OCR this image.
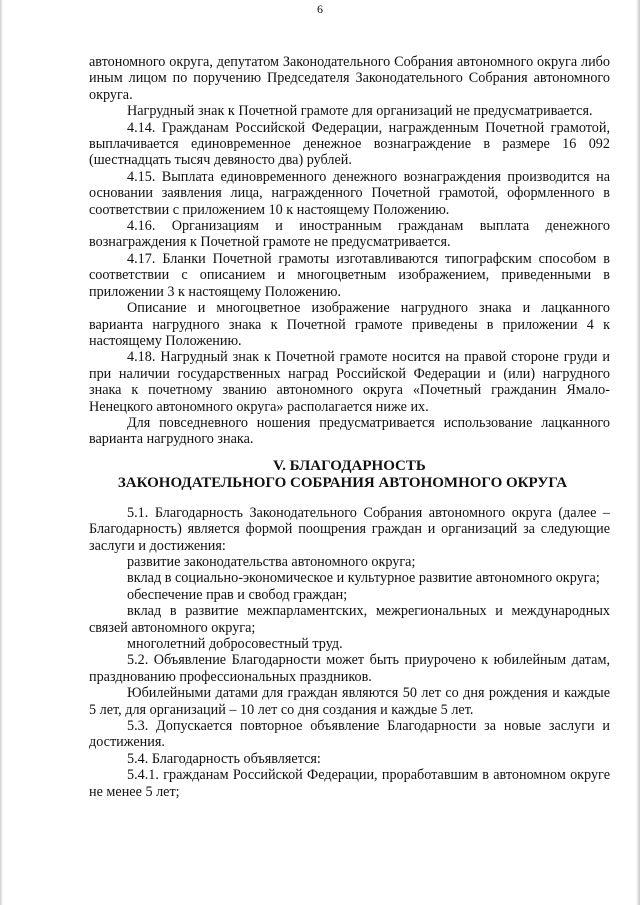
6

автономного округа, депутатом Законодательного Собрания автономного округа либо иным лицом по поручению Председателя Законодательного Собрания автономного округа.

Нагрудный знак к Почетной грамоте для организаций не предусматривается.

4.14. Гражданам Российской Федерации, награжденным Почетной грамотой, выплачивается единовременное денежное вознаграждение в размере 16 092 (шестнадцать тысяч девяносто два) рублей.

4.15. Выплата единовременного денежного вознаграждения производится на основании заявления лица, награжденного Почетной грамотой, оформленного в соответствии с приложением 10 к настоящему Положению.

4.16. Организациям и иностранным гражданам выплата денежного вознаграждения к Почетной грамоте не предусматривается.

4.17. Бланки Почетной грамоты изготавливаются типографским способом в соответствии с описанием и многоцветным изображением, приведенными в приложении 3 к настоящему Положению.

Описание и многоцветное изображение нагрудного знака и лацканного варианта нагрудного знака к Почетной грамоте приведены в приложении 4 к настоящему Положению.

4.18. Нагрудный знак к Почетной грамоте носится на правой стороне груди и при наличии государственных наград Российской Федерации и (или) нагрудного знака к почетному званию автономного округа «Почетный гражданин Ямало-Ненецкого автономного округа» располагается ниже их.

Для повседневного ношения предусматривается использование лацканного варианта нагрудного знака.

V. БЛАГОДАРНОСТЬ
ЗАКОНОДАТЕЛЬНОГО СОБРАНИЯ АВТОНОМНОГО ОКРУГА

5.1. Благодарность Законодательного Собрания автономного округа (далее – Благодарность) является формой поощрения граждан и организаций за следующие заслуги и достижения:

развитие законодательства автономного округа;

вклад в социально-экономическое и культурное развитие автономного округа;

обеспечение прав и свобод граждан;

вклад в развитие межпарламентских, межрегиональных и международных связей автономного округа;

многолетний добросовестный труд.

5.2. Объявление Благодарности может быть приурочено к юбилейным датам, празднованию профессиональных праздников.

Юбилейными датами для граждан являются 50 лет со дня рождения и каждые 5 лет, для организаций – 10 лет со дня создания и каждые 5 лет.

5.3. Допускается повторное объявление Благодарности за новые заслуги и достижения.

5.4. Благодарность объявляется:

5.4.1. гражданам Российской Федерации, проработавшим в автономном округе не менее 5 лет;
